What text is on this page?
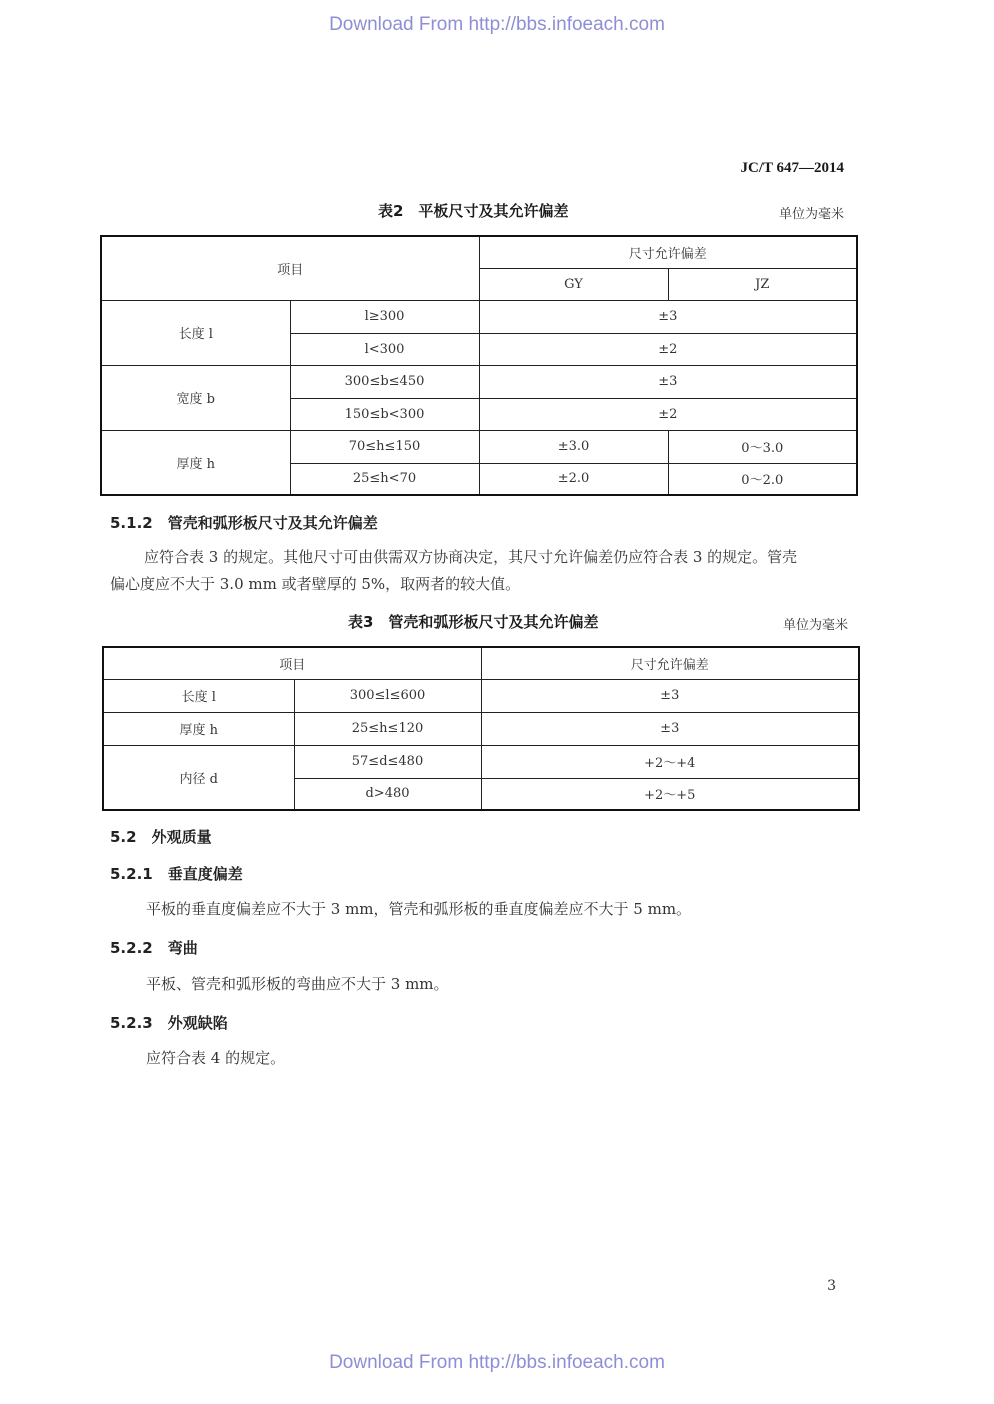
Download From http://bbs.infoeach.com
JC/T 647—2014
表2　平板尺寸及其允许偏差	单位为毫米
项目		尺寸允许偏差	
		GY	JZ
长度 l	l≥300	±3	
	l<300	±2	
宽度 b	300≤b≤450	±3	
	150≤b<300	±2	
厚度 h	70≤h≤150	±3.0	0～3.0
	25≤h<70	±2.0	0～2.0
5.1.2　管壳和弧形板尺寸及其允许偏差
应符合表 3 的规定。其他尺寸可由供需双方协商决定，其尺寸允许偏差仍应符合表 3 的规定。管壳
偏心度应不大于 3.0 mm 或者壁厚的 5%，取两者的较大值。
表3　管壳和弧形板尺寸及其允许偏差	单位为毫米
项目		尺寸允许偏差
长度 l	300≤l≤600	±3
厚度 h	25≤h≤120	±3
内径 d	57≤d≤480	+2～+4
	d>480	+2～+5
5.2　外观质量
5.2.1　垂直度偏差
平板的垂直度偏差应不大于 3 mm，管壳和弧形板的垂直度偏差应不大于 5 mm。
5.2.2　弯曲
平板、管壳和弧形板的弯曲应不大于 3 mm。
5.2.3　外观缺陷
应符合表 4 的规定。
3
Download From http://bbs.infoeach.com
